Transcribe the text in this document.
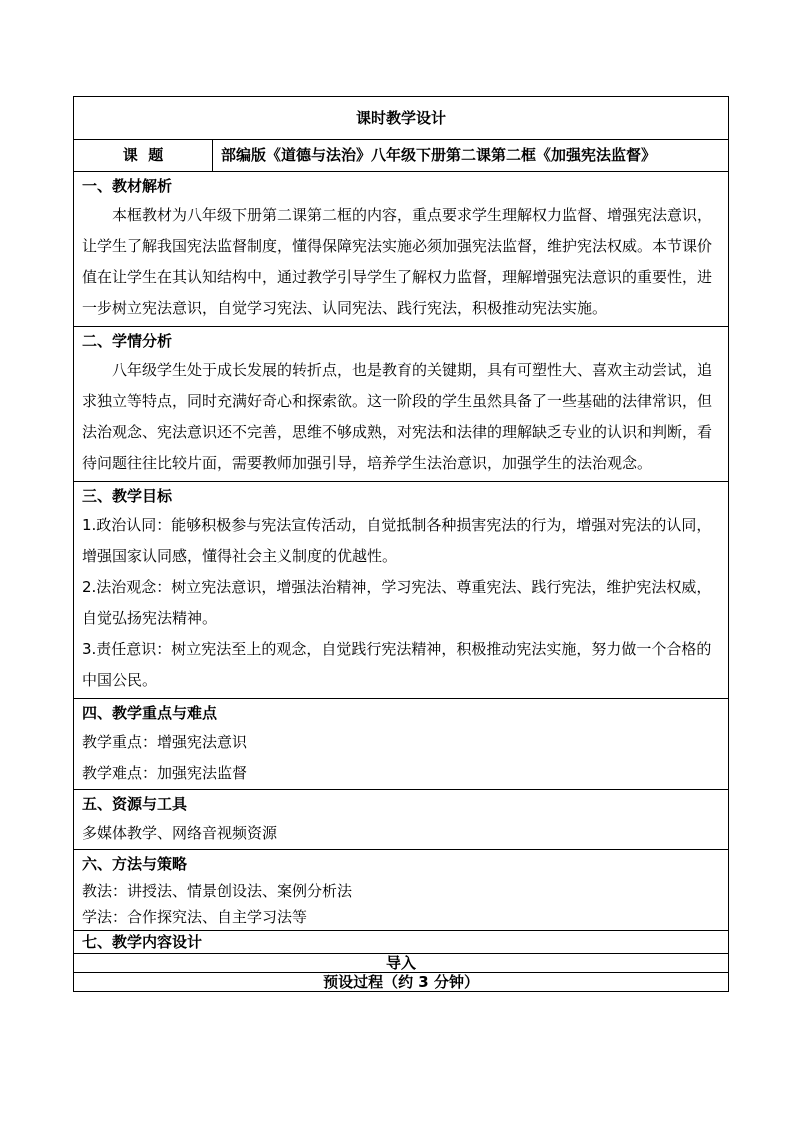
课时教学设计
课  题	部编版《道德与法治》八年级下册第二课第二框《加强宪法监督》

一、教材解析

本框教材为八年级下册第二课第二框的内容，重点要求学生理解权力监督、增强宪法意识，让学生了解我国宪法监督制度，懂得保障宪法实施必须加强宪法监督，维护宪法权威。本节课价值在让学生在其认知结构中，通过教学引导学生了解权力监督，理解增强宪法意识的重要性，进一步树立宪法意识，自觉学习宪法、认同宪法、践行宪法，积极推动宪法实施。

二、学情分析

八年级学生处于成长发展的转折点，也是教育的关键期，具有可塑性大、喜欢主动尝试，追求独立等特点，同时充满好奇心和探索欲。这一阶段的学生虽然具备了一些基础的法律常识，但法治观念、宪法意识还不完善，思维不够成熟，对宪法和法律的理解缺乏专业的认识和判断，看待问题往往比较片面，需要教师加强引导，培养学生法治意识，加强学生的法治观念。

三、教学目标

1.政治认同：能够积极参与宪法宣传活动，自觉抵制各种损害宪法的行为，增强对宪法的认同，增强国家认同感，懂得社会主义制度的优越性。

2.法治观念：树立宪法意识，增强法治精神，学习宪法、尊重宪法、践行宪法，维护宪法权威，自觉弘扬宪法精神。

3.责任意识：树立宪法至上的观念，自觉践行宪法精神，积极推动宪法实施，努力做一个合格的中国公民。

四、教学重点与难点

教学重点：增强宪法意识

教学难点：加强宪法监督

五、资源与工具

多媒体教学、网络音视频资源

六、方法与策略

教法：讲授法、情景创设法、案例分析法

学法：合作探究法、自主学习法等

七、教学内容设计

导入
预设过程（约 3 分钟）
